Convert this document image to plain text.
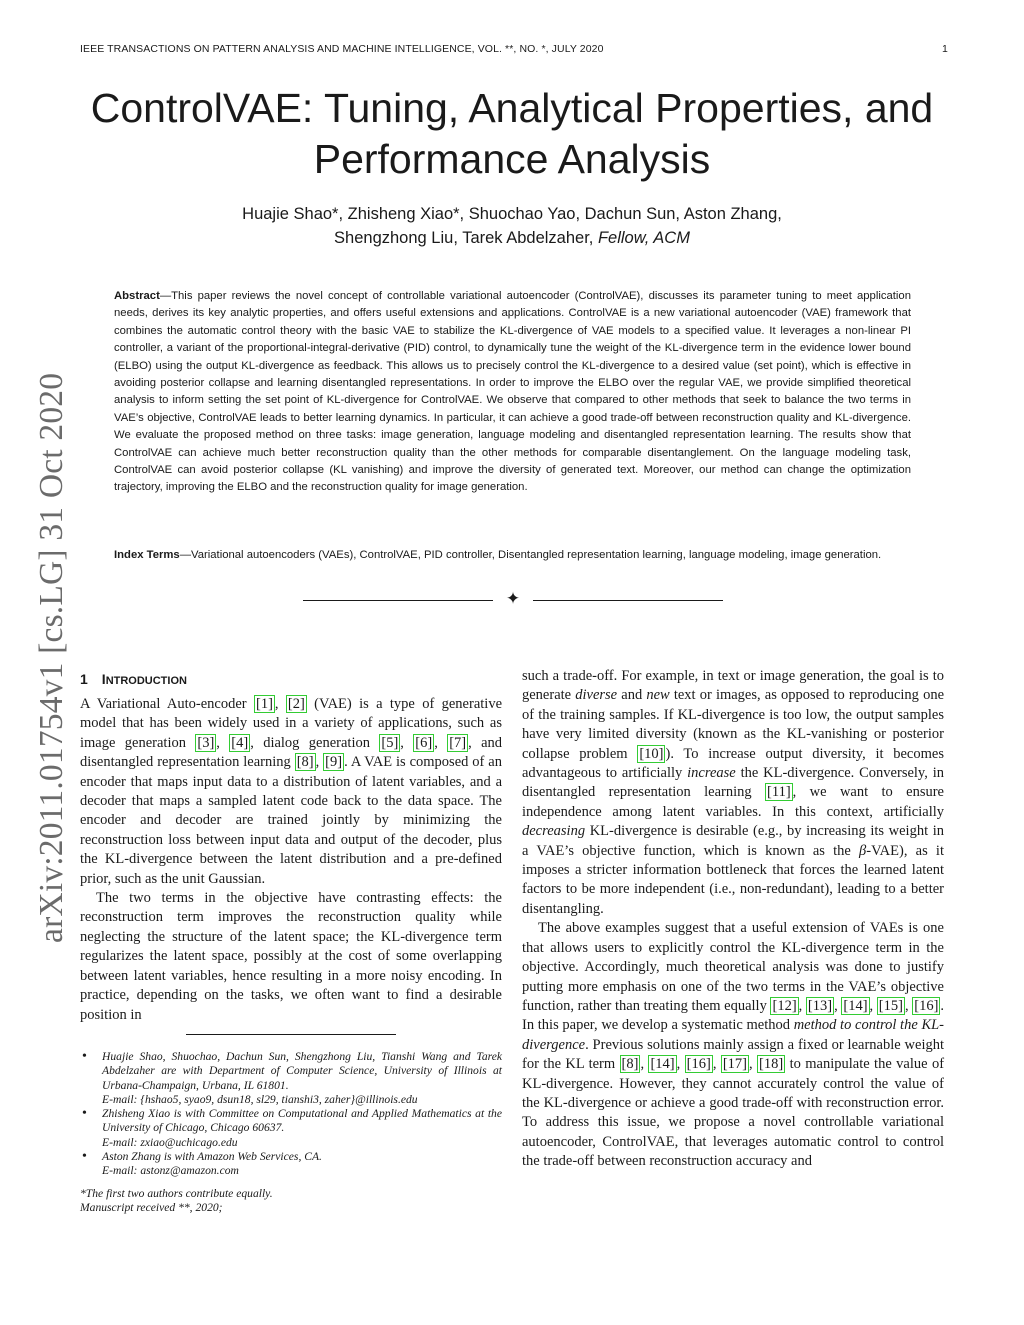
IEEE TRANSACTIONS ON PATTERN ANALYSIS AND MACHINE INTELLIGENCE, VOL. **, NO. *, JULY 2020	1
arXiv:2011.01754v1 [cs.LG] 31 Oct 2020
ControlVAE: Tuning, Analytical Properties, and
Performance Analysis
Huajie Shao*, Zhisheng Xiao*, Shuochao Yao, Dachun Sun, Aston Zhang,
Shengzhong Liu, Tarek Abdelzaher, Fellow, ACM

Abstract—This paper reviews the novel concept of controllable variational autoencoder (ControlVAE), discusses its parameter tuning to meet application needs, derives its key analytic properties, and offers useful extensions and applications. ControlVAE is a new variational autoencoder (VAE) framework that combines the automatic control theory with the basic VAE to stabilize the KL-divergence of VAE models to a specified value. It leverages a non-linear PI controller, a variant of the proportional-integral-derivative (PID) control, to dynamically tune the weight of the KL-divergence term in the evidence lower bound (ELBO) using the output KL-divergence as feedback. This allows us to precisely control the KL-divergence to a desired value (set point), which is effective in avoiding posterior collapse and learning disentangled representations. In order to improve the ELBO over the regular VAE, we provide simplified theoretical analysis to inform setting the set point of KL-divergence for ControlVAE. We observe that compared to other methods that seek to balance the two terms in VAE’s objective, ControlVAE leads to better learning dynamics. In particular, it can achieve a good trade-off between reconstruction quality and KL-divergence. We evaluate the proposed method on three tasks: image generation, language modeling and disentangled representation learning. The results show that ControlVAE can achieve much better reconstruction quality than the other methods for comparable disentanglement. On the language modeling task, ControlVAE can avoid posterior collapse (KL vanishing) and improve the diversity of generated text. Moreover, our method can change the optimization trajectory, improving the ELBO and the reconstruction quality for image generation.

Index Terms—Variational autoencoders (VAEs), ControlVAE, PID controller, Disentangled representation learning, language modeling, image generation.

✦
1 INTRODUCTION

A Variational Auto-encoder [1] , [2] (VAE) is a type of generative model that has been widely used in a variety of applications, such as image generation [3] , [4] , dialog generation [5] , [6] , [7] , and disentangled representation learning [8] , [9] . A VAE is composed of an encoder that maps input data to a distribution of latent variables, and a decoder that maps a sampled latent code back to the data space. The encoder and decoder are trained jointly by minimizing the reconstruction loss between input data and output of the decoder, plus the KL-divergence between the latent distribution and a pre-defined prior, such as the unit Gaussian.

The two terms in the objective have contrasting effects: the reconstruction term improves the reconstruction quality while neglecting the structure of the latent space; the KL-divergence term regularizes the latent space, possibly at the cost of some overlapping between latent variables, hence resulting in a more noisy encoding. In practice, depending on the tasks, we often want to find a desirable position in

• Huajie Shao, Shuochao, Dachun Sun, Shengzhong Liu, Tianshi Wang and Tarek Abdelzaher are with Department of Computer Science, University of Illinois at Urbana-Champaign, Urbana, IL 61801.
E-mail: {hshao5, syao9, dsun18, sl29, tianshi3, zaher}@illinois.edu
• Zhisheng Xiao is with Committee on Computational and Applied Mathematics at the University of Chicago, Chicago 60637.
E-mail: zxiao@uchicago.edu
• Aston Zhang is with Amazon Web Services, CA.
E-mail: astonz@amazon.com
*The first two authors contribute equally.
Manuscript received **, 2020;

such a trade-off. For example, in text or image generation, the goal is to generate diverse and new text or images, as opposed to reproducing one of the training samples. If KL-divergence is too low, the output samples have very limited diversity (known as the KL-vanishing or posterior collapse problem [10] ). To increase output diversity, it becomes advantageous to artificially increase the KL-divergence. Conversely, in disentangled representation learning [11] , we want to ensure independence among latent variables. In this context, artificially decreasing KL-divergence is desirable (e.g., by increasing its weight in a VAE’s objective function, which is known as the β-VAE), as it imposes a stricter information bottleneck that forces the learned latent factors to be more independent (i.e., non-redundant), leading to a better disentangling.

The above examples suggest that a useful extension of VAEs is one that allows users to explicitly control the KL-divergence term in the objective. Accordingly, much theoretical analysis was done to justify putting more emphasis on one of the two terms in the VAE’s objective function, rather than treating them equally [12] , [13] , [14] , [15] , [16] . In this paper, we develop a systematic method method to control the KL-divergence. Previous solutions mainly assign a fixed or learnable weight for the KL term [8] , [14] , [16] , [17] , [18] to manipulate the value of KL-divergence. However, they cannot accurately control the value of the KL-divergence or achieve a good trade-off with reconstruction error. To address this issue, we propose a novel controllable variational autoencoder, ControlVAE, that leverages automatic control to control the trade-off between reconstruction accuracy and
